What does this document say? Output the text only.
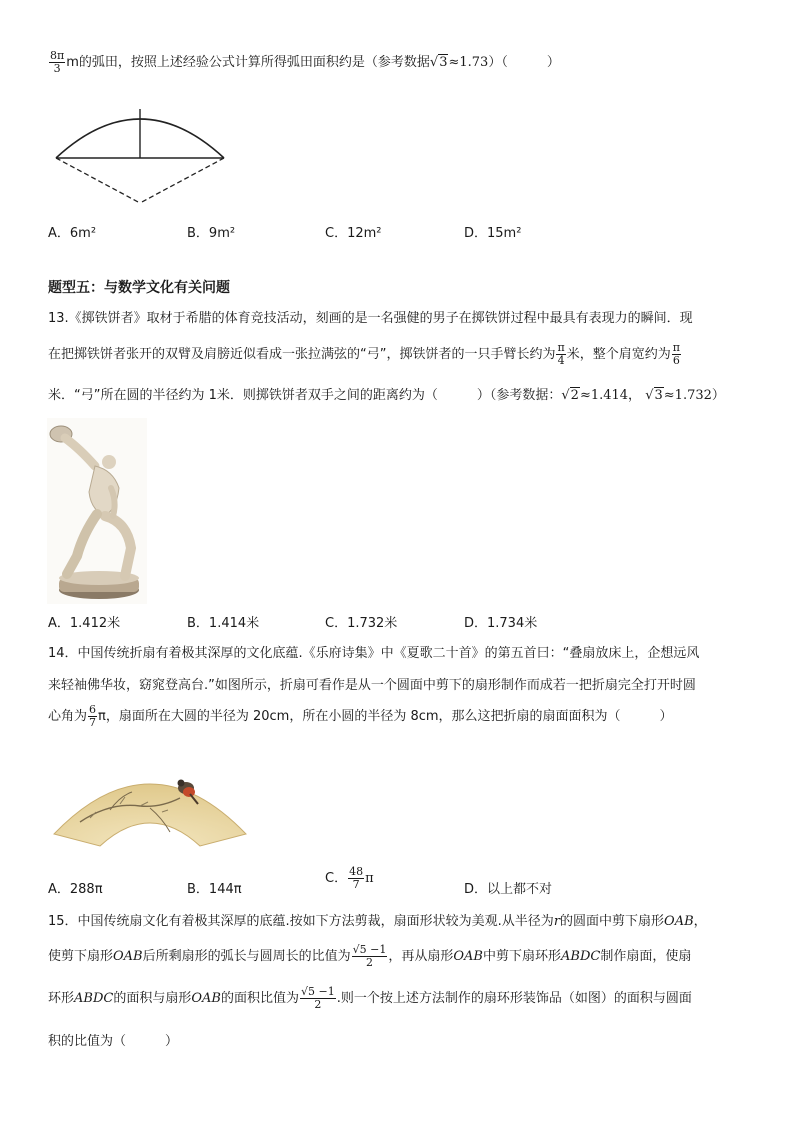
$\frac{8\pi}{3}$ m的弧田，按照上述经验公式计算所得弧田面积约是（参考数据√3≈1.73）（　　　）
A．6m²	B．9m²	C．12m²	D．15m²
题型五：与数学文化有关问题
13.《掷铁饼者》取材于希腊的体育竞技活动，刻画的是一名强健的男子在掷铁饼过程中最具有表现力的瞬间．现
在把掷铁饼者张开的双臂及肩膀近似看成一张拉满弦的“弓”，掷铁饼者的一只手臂长约为 $\frac{\pi}{4}$ 米，整个肩宽约为 $\frac{\pi}{6}$
米．“弓”所在圆的半径约为 1米．则掷铁饼者双手之间的距离约为（　　　）（参考数据：√2≈1.414， √3≈1.732）
A．1.412米	B．1.414米	C．1.732米	D．1.734米
14．中国传统折扇有着极其深厚的文化底蕴.《乐府诗集》中《夏歌二十首》的第五首曰：“叠扇放床上，企想远风
来轻袖佛华妆，窈窕登高台.”如图所示，折扇可看作是从一个圆面中剪下的扇形制作而成若一把折扇完全打开时圆
心角为 $\frac{6}{7}$ π，扇面所在大圆的半径为 20cm，所在小圆的半径为 8cm，那么这把折扇的扇面面积为（　　　）
A．288π	B．144π
C． $\frac{48}{7}$ π
D．以上都不对
15．中国传统扇文化有着极其深厚的底蕴.按如下方法剪裁，扇面形状较为美观.从半径为r的圆面中剪下扇形OAB，
使剪下扇形OAB后所剩扇形的弧长与圆周长的比值为 $\frac{√5 -1}{2}$ ，再从扇形OAB中剪下扇环形ABDC制作扇面，使扇
环形ABDC的面积与扇形OAB的面积比值为 $\frac{√5 -1}{2}$ .则一个按上述方法制作的扇环形装饰品（如图）的面积与圆面
积的比值为（　　　）
